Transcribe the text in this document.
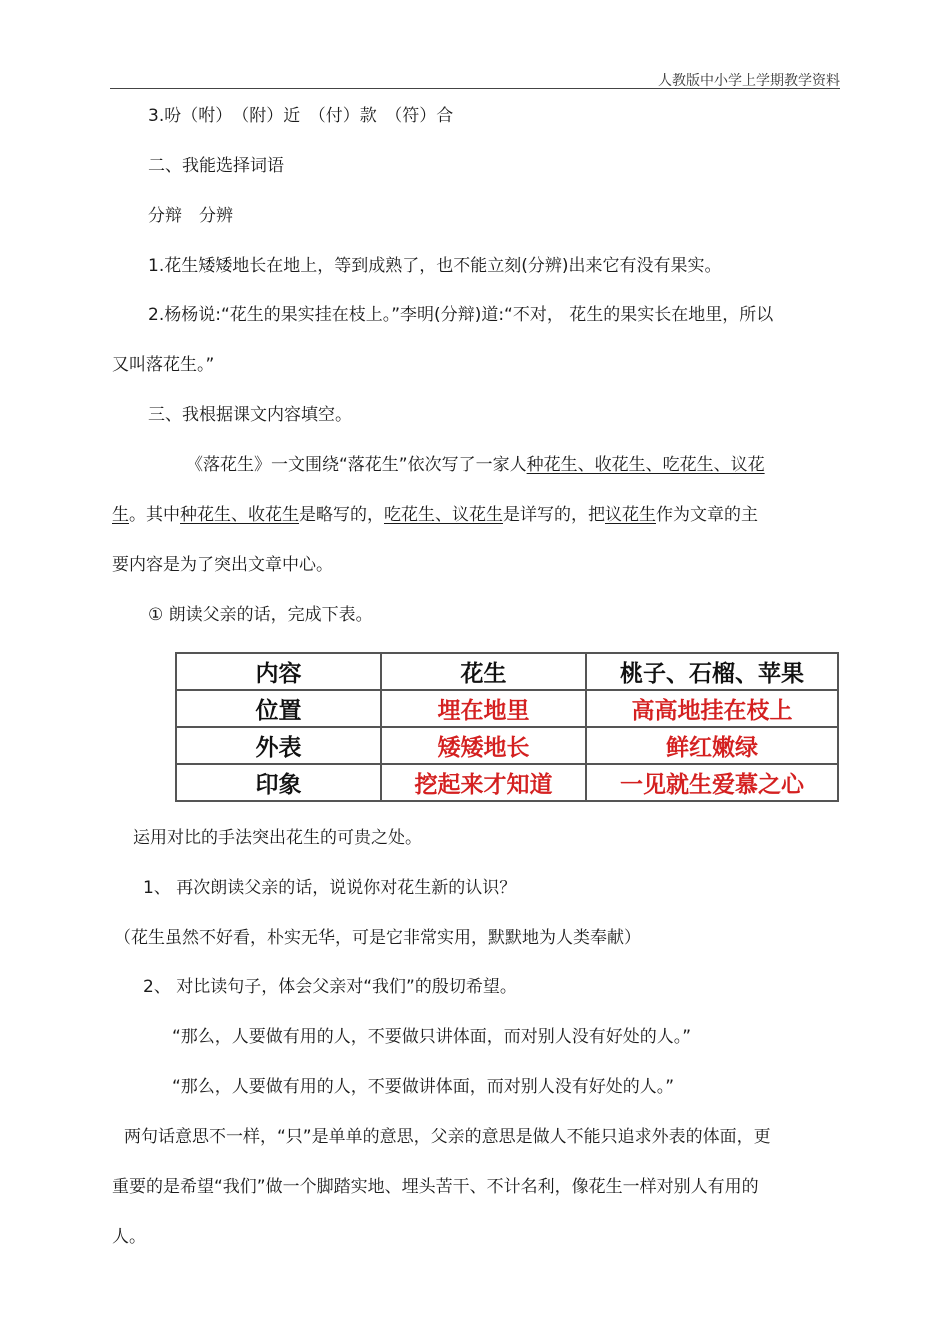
人教版中小学上学期教学资料
3.吩（咐）　（附）近　（付）款　（符）合
二、我能选择词语
分辩　分辨
1.花生矮矮地长在地上，等到成熟了，也不能立刻(分辨)出来它有没有果实。
2.杨杨说:“花生的果实挂在枝上。”李明(分辩)道:“不对， 花生的果实长在地里，所以
又叫落花生。”
三、我根据课文内容填空。
《落花生》一文围绕“落花生”依次写了一家人种花生、收花生、吃花生、议花
生。其中种花生、收花生是略写的，吃花生、议花生是详写的，把议花生作为文章的主
要内容是为了突出文章中心。
① 朗读父亲的话，完成下表。
内容	花生	桃子、石榴、苹果
位置	埋在地里	高高地挂在枝上
外表	矮矮地长	鲜红嫩绿
印象	挖起来才知道	一见就生爱慕之心
运用对比的手法突出花生的可贵之处。
1、 再次朗读父亲的话，说说你对花生新的认识？
（花生虽然不好看，朴实无华，可是它非常实用，默默地为人类奉献）
2、 对比读句子，体会父亲对“我们”的殷切希望。
“那么，人要做有用的人，不要做只讲体面，而对别人没有好处的人。”
“那么，人要做有用的人，不要做讲体面，而对别人没有好处的人。”
两句话意思不一样，“只”是单单的意思，父亲的意思是做人不能只追求外表的体面，更
重要的是希望“我们”做一个脚踏实地、埋头苦干、不计名利，像花生一样对别人有用的
人。
